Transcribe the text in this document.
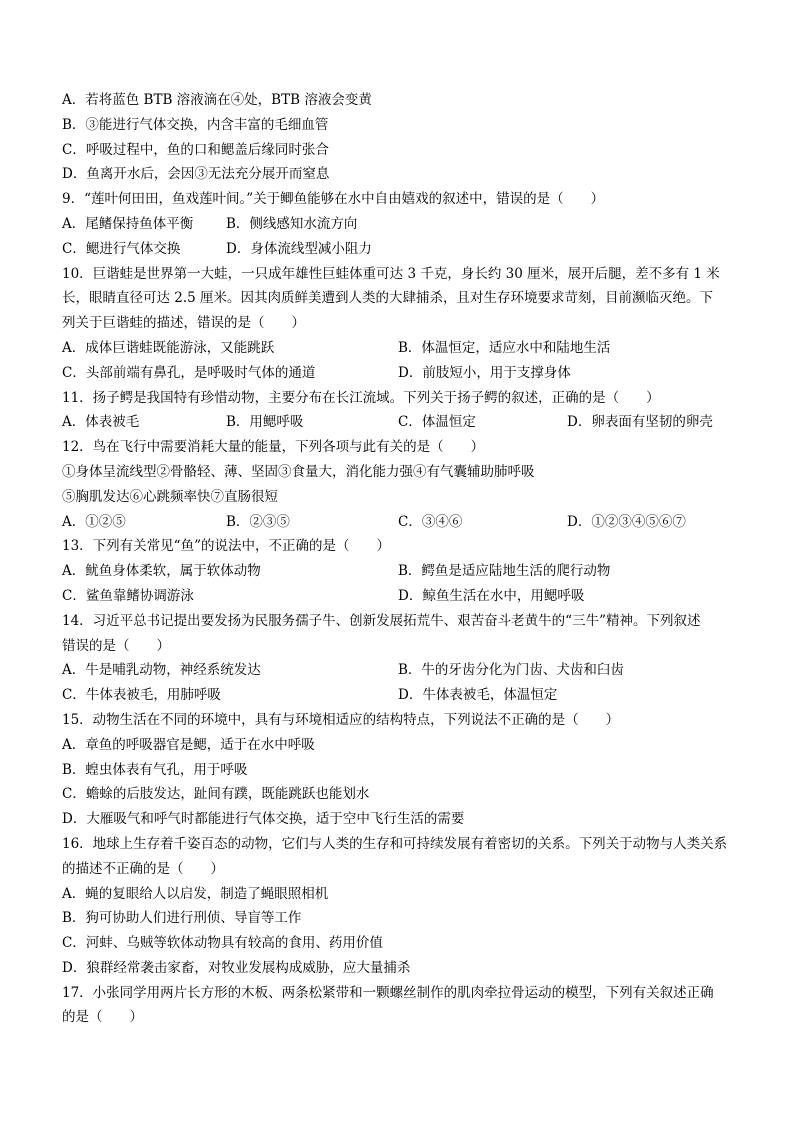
A．若将蓝色 BTB 溶液滴在④处，BTB 溶液会变黄
B．③能进行气体交换，内含丰富的毛细血管
C．呼吸过程中，鱼的口和鳃盖后缘同时张合
D．鱼离开水后，会因③无法充分展开而窒息
9．“莲叶何田田，鱼戏莲叶间。”关于鲫鱼能够在水中自由嬉戏的叙述中，错误的是（　　）
A．尾鳍保持鱼体平衡 B．侧线感知水流方向
C．鳃进行气体交换	D．身体流线型减小阻力
10．巨谐蛙是世界第一大蛙，一只成年雄性巨蛙体重可达 3 千克，身长约 30 厘米，展开后腿，差不多有 1 米
长，眼睛直径可达 2.5 厘米。因其肉质鲜美遭到人类的大肆捕杀，且对生存环境要求苛刻，目前濒临灭绝。下
列关于巨谐蛙的描述，错误的是（　　）
A．成体巨谐蛙既能游泳，又能跳跃	B．体温恒定，适应水中和陆地生活
C．头部前端有鼻孔，是呼吸时气体的通道	D．前肢短小，用于支撑身体
11．扬子鳄是我国特有珍惜动物，主要分布在长江流域。下列关于扬子鳄的叙述，正确的是（　　）
A．体表被毛	B．用鳃呼吸	C．体温恒定	D．卵表面有坚韧的卵壳
12．鸟在飞行中需要消耗大量的能量，下列各项与此有关的是（　　）
①身体呈流线型②骨骼轻、薄、坚固③食量大，消化能力强④有气囊辅助肺呼吸
⑤胸肌发达⑥心跳频率快⑦直肠很短
A．①②⑤	B．②③⑤	C．③④⑥	D．①②③④⑤⑥⑦
13．下列有关常见“鱼”的说法中，不正确的是（　　）
A．鱿鱼身体柔软，属于软体动物	B．鳄鱼是适应陆地生活的爬行动物
C．鲨鱼靠鳍协调游泳	D．鲸鱼生活在水中，用鳃呼吸
14．习近平总书记提出要发扬为民服务孺子牛、创新发展拓荒牛、艰苦奋斗老黄牛的“三牛”精神。下列叙述
错误的是（　　）
A．牛是哺乳动物，神经系统发达	B．牛的牙齿分化为门齿、犬齿和臼齿
C．牛体表被毛，用肺呼吸	D．牛体表被毛，体温恒定
15．动物生活在不同的环境中，具有与环境相适应的结构特点，下列说法不正确的是（　　）
A．章鱼的呼吸器官是鳃，适于在水中呼吸
B．蝗虫体表有气孔，用于呼吸
C．蟾蜍的后肢发达，趾间有蹼，既能跳跃也能划水
D．大雁吸气和呼气时都能进行气体交换，适于空中飞行生活的需要
16．地球上生存着千姿百态的动物，它们与人类的生存和可持续发展有着密切的关系。下列关于动物与人类关系
的描述不正确的是（　　）
A．蝇的复眼给人以启发，制造了蝇眼照相机
B．狗可协助人们进行刑侦、导盲等工作
C．河蚌、乌贼等软体动物具有较高的食用、药用价值
D．狼群经常袭击家畜，对牧业发展构成威胁，应大量捕杀
17．小张同学用两片长方形的木板、两条松紧带和一颗螺丝制作的肌肉牵拉骨运动的模型，下列有关叙述正确
的是（　　）
